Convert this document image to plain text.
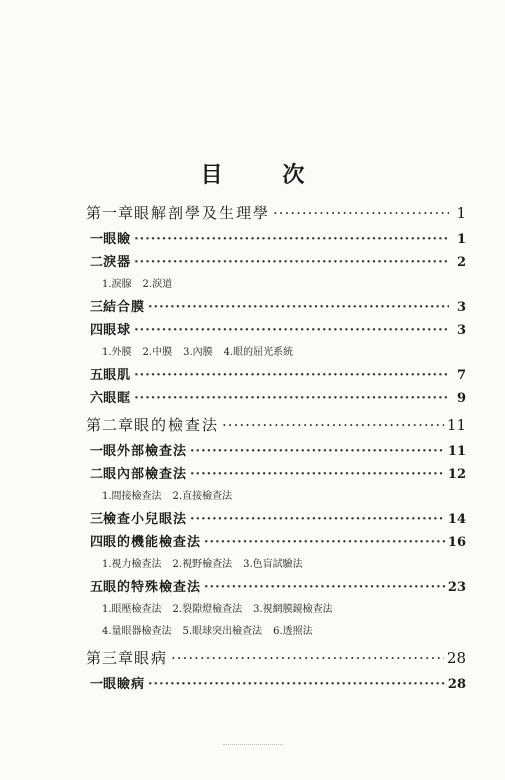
目 次
第一章 眼解剖學及生理學 ·····	1
一 眼瞼 ·····	1
二 淚器 ·····	2
1.淚腺 2.淚道
三 結合膜 ·····	3
四 眼球 ·····	3
1.外膜 2.中膜 3.內膜 4.眼的屈光系統
五 眼肌 ·····	7
六 眼眶 ·····	9
第二章 眼的檢查法 ·····	11
一 眼外部檢查法 ·····	11
二 眼內部檢查法 ·····	12
1.間接檢查法 2.直接檢查法
三 檢查小兒眼法 ·····	14
四 眼的機能檢查法 ·····	16
1.視力檢查法 2.視野檢查法 3.色盲試驗法
五 眼的特殊檢查法 ·····	23
1.眼壓檢查法 2.裂隙燈檢查法 3.視網膜鏡檢查法
4.量眼器檢查法 5.眼球突出檢查法 6.透照法
第三章 眼病 ·····	28
一 眼瞼病 ·····	28
